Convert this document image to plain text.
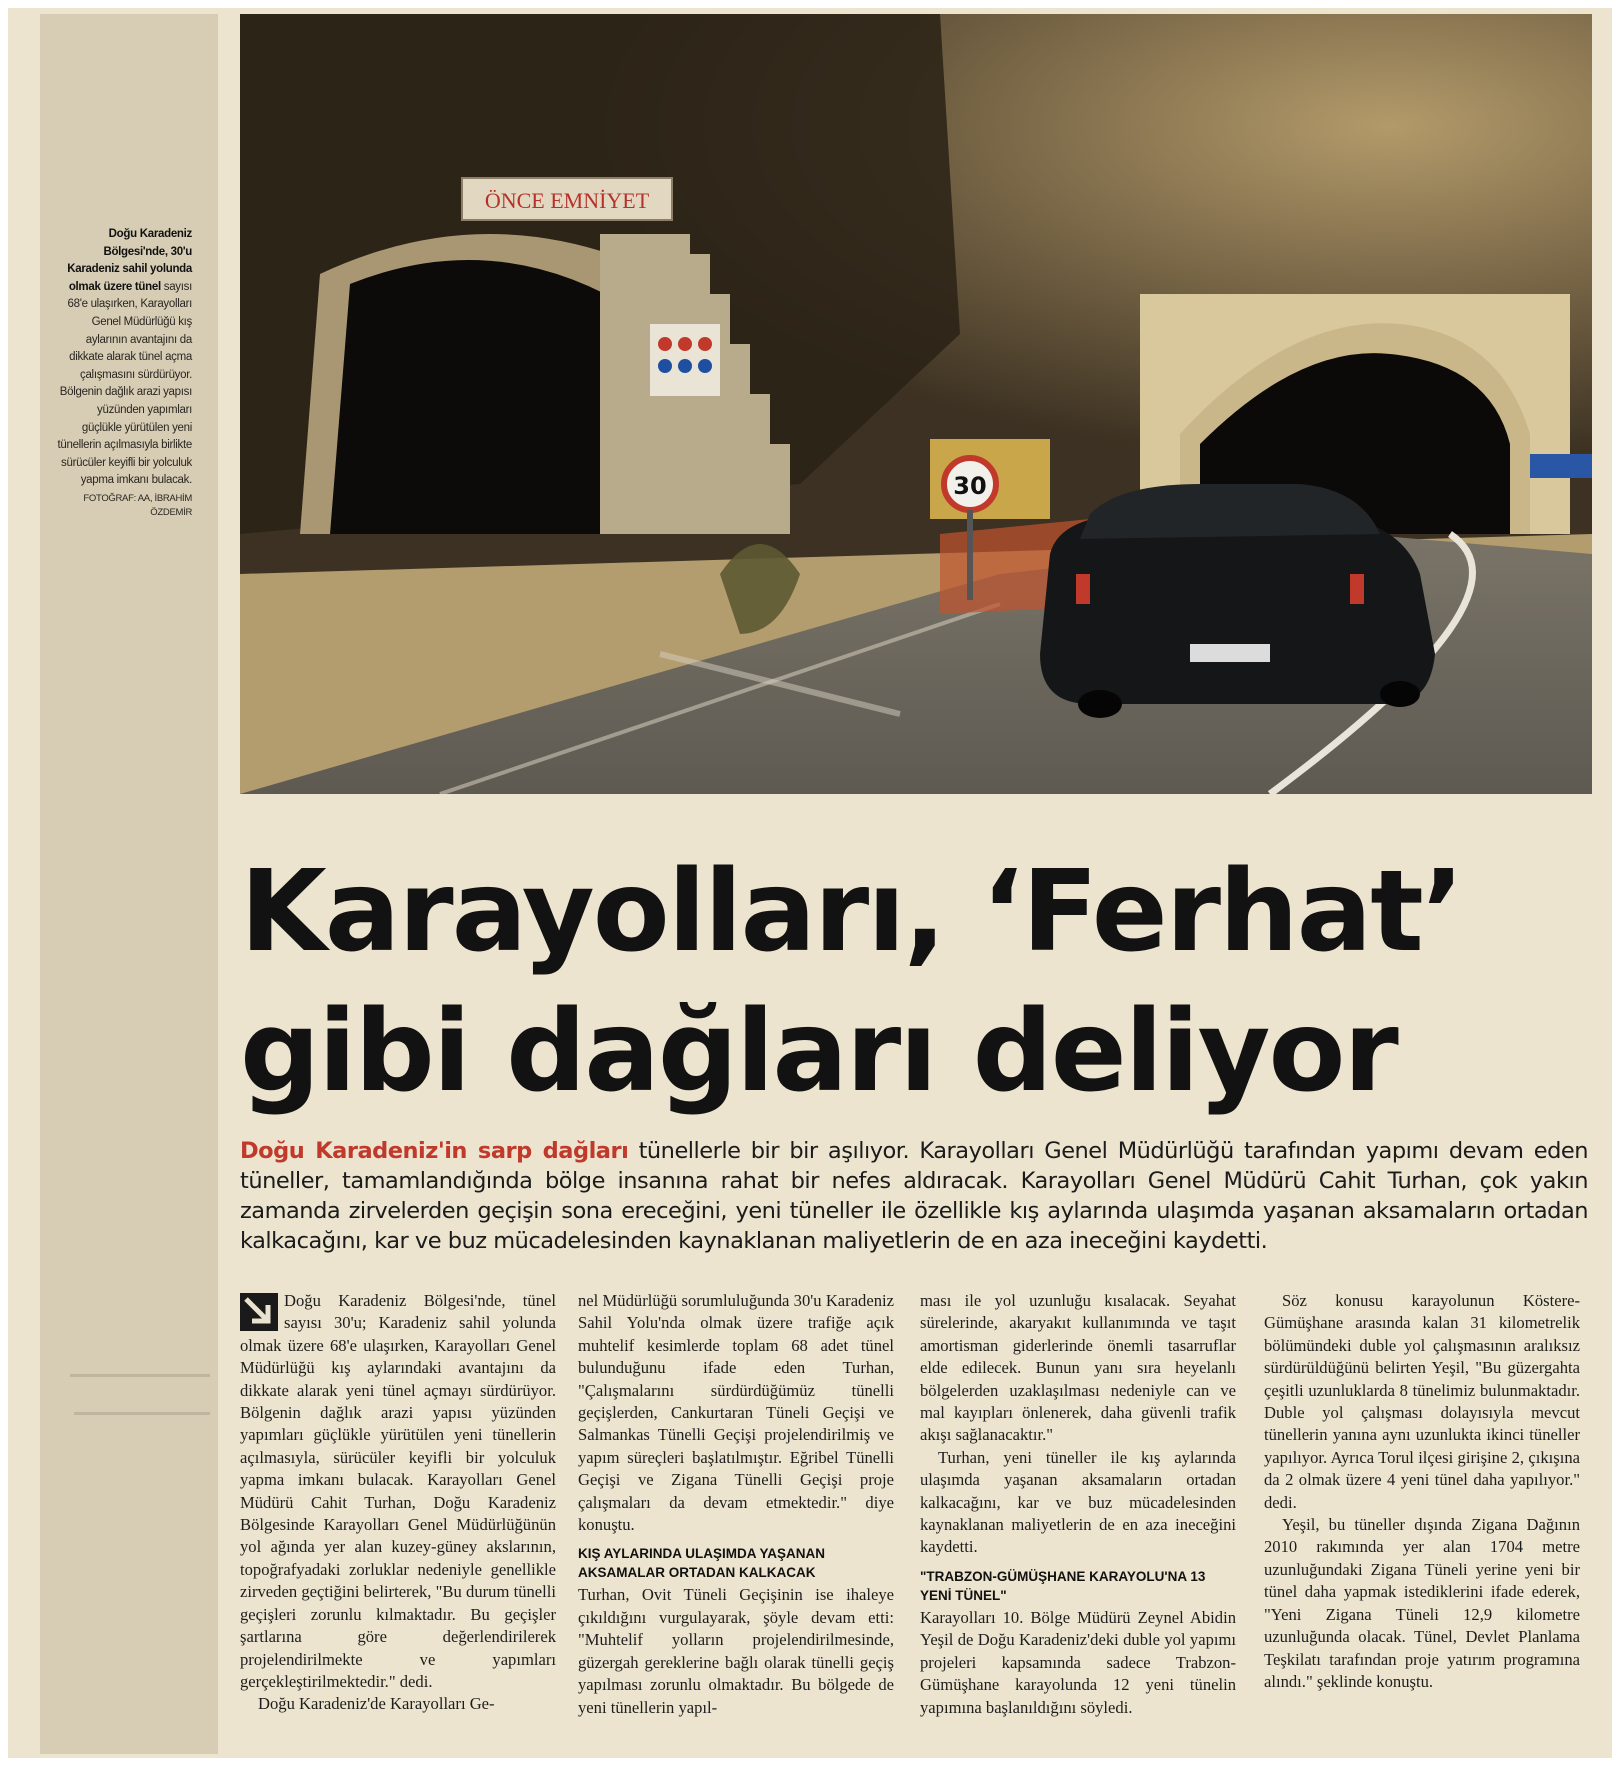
Doğu Karadeniz Bölgesi'nde, 30'u Karadeniz sahil yolunda olmak üzere tünel sayısı 68'e ulaşırken, Karayolları Genel Müdürlüğü kış aylarının avantajını da dikkate alarak tünel açma çalışmasını sürdürüyor. Bölgenin dağlık arazi yapısı yüzünden yapımları güçlükle yürütülen yeni tünellerin açılmasıyla birlikte sürücüler keyifli bir yolculuk yapma imkanı bulacak.
FOTOĞRAF: AA, İBRAHİM ÖZDEMİR
ÖNCE EMNİYET
30
Karayolları, ‘Ferhat’
gibi dağları deliyor
Doğu Karadeniz'in sarp dağları tünellerle bir bir aşılıyor. Karayolları Genel Müdürlüğü tarafından yapımı devam eden tüneller, tamamlandığında bölge insanına rahat bir nefes aldıracak. Karayolları Genel Müdürü Cahit Turhan, çok yakın zamanda zirvelerden geçişin sona ereceğini, yeni tüneller ile özellikle kış aylarında ulaşımda yaşanan aksamaların ortadan kalkacağını, kar ve buz mücadelesinden kaynaklanan maliyetlerin de en aza ineceğini kaydetti.

Doğu Karadeniz Bölgesi'nde, tünel sayısı 30'u; Karadeniz sahil yolunda olmak üzere 68'e ulaşırken, Karayolları Genel Müdürlüğü kış aylarındaki avantajını da dikkate alarak yeni tünel açmayı sürdürüyor. Bölgenin dağlık arazi yapısı yüzünden yapımları güçlükle yürütülen yeni tünellerin açılmasıyla, sürücüler keyifli bir yolculuk yapma imkanı bulacak. Karayolları Genel Müdürü Cahit Turhan, Doğu Karadeniz Bölgesinde Karayolları Genel Müdürlüğünün yol ağında yer alan kuzey-güney akslarının, topoğrafyadaki zorluklar nedeniyle genellikle zirveden geçtiğini belirterek, "Bu durum tünelli geçişleri zorunlu kılmaktadır. Bu geçişler şartlarına göre değerlendirilerek projelendirilmekte ve yapımları gerçekleştirilmektedir." dedi.

Doğu Karadeniz'de Karayolları Ge-

nel Müdürlüğü sorumluluğunda 30'u Karadeniz Sahil Yolu'nda olmak üzere trafiğe açık muhtelif kesimlerde toplam 68 adet tünel bulunduğunu ifade eden Turhan, "Çalışmalarını sürdürdüğümüz tünelli geçişlerden, Cankurtaran Tüneli Geçişi ve Salmankas Tünelli Geçişi projelendirilmiş ve yapım süreçleri başlatılmıştır. Eğribel Tünelli Geçişi ve Zigana Tünelli Geçişi proje çalışmaları da devam etmektedir." diye konuştu.

KIŞ AYLARINDA ULAŞIMDA YAŞANAN AKSAMALAR ORTADAN KALKACAK

Turhan, Ovit Tüneli Geçişinin ise ihaleye çıkıldığını vurgulayarak, şöyle devam etti: "Muhtelif yolların projelendirilmesinde, güzergah gereklerine bağlı olarak tünelli geçiş yapılması zorunlu olmaktadır. Bu bölgede de yeni tünellerin yapıl-

ması ile yol uzunluğu kısalacak. Seyahat sürelerinde, akaryakıt kullanımında ve taşıt amortisman giderlerinde önemli tasarruflar elde edilecek. Bunun yanı sıra heyelanlı bölgelerden uzaklaşılması nedeniyle can ve mal kayıpları önlenerek, daha güvenli trafik akışı sağlanacaktır."

Turhan, yeni tüneller ile kış aylarında ulaşımda yaşanan aksamaların ortadan kalkacağını, kar ve buz mücadelesinden kaynaklanan maliyetlerin de en aza ineceğini kaydetti.

"TRABZON-GÜMÜŞHANE KARAYOLU'NA 13 YENİ TÜNEL"

Karayolları 10. Bölge Müdürü Zeynel Abidin Yeşil de Doğu Karadeniz'deki duble yol yapımı projeleri kapsamında sadece Trabzon-Gümüşhane karayolunda 12 yeni tünelin yapımına başlanıldığını söyledi.

Söz konusu karayolunun Köstere-Gümüşhane arasında kalan 31 kilometrelik bölümündeki duble yol çalışmasının aralıksız sürdürüldüğünü belirten Yeşil, "Bu güzergahta çeşitli uzunluklarda 8 tünelimiz bulunmaktadır. Duble yol çalışması dolayısıyla mevcut tünellerin yanına aynı uzunlukta ikinci tüneller yapılıyor. Ayrıca Torul ilçesi girişine 2, çıkışına da 2 olmak üzere 4 yeni tünel daha yapılıyor." dedi.

Yeşil, bu tüneller dışında Zigana Dağının 2010 rakımında yer alan 1704 metre uzunluğundaki Zigana Tüneli yerine yeni bir tünel daha yapmak istediklerini ifade ederek, "Yeni Zigana Tüneli 12,9 kilometre uzunluğunda olacak. Tünel, Devlet Planlama Teşkilatı tarafından proje yatırım programına alındı." şeklinde konuştu.
